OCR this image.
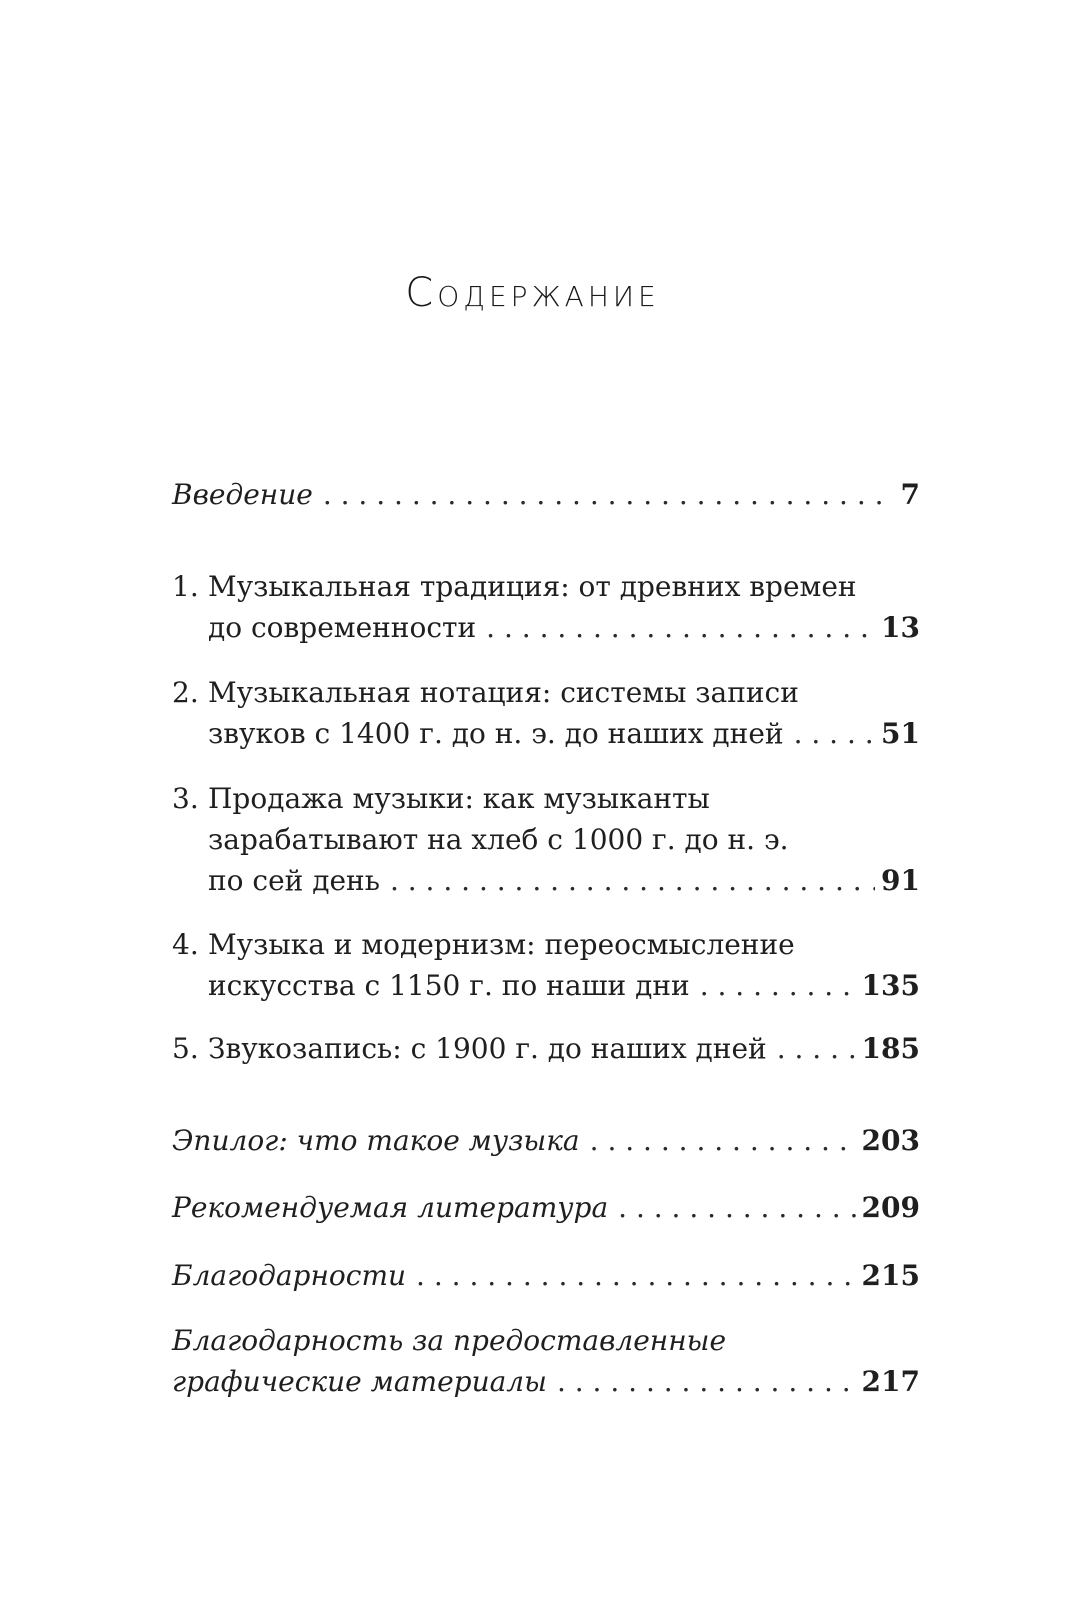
Содержание
Введение . . .	7
1. Музыкальная традиция: от древних времен
до современности . . .	13
2. Музыкальная нотация: системы записи
звуков с 1400 г. до н. э. до наших дней . . .	51
3. Продажа музыки: как музыканты
зарабатывают на хлеб с 1000 г. до н. э.
по сей день . . .	91
4. Музыка и модернизм: переосмысление
искусства с 1150 г. по наши дни . . .	135
5. Звукозапись: с 1900 г. до наших дней . . .	185
Эпилог: что такое музыка . . .	203
Рекомендуемая литература . . .	209
Благодарности . . .	215
Благодарность за предоставленные
графические материалы . . .	217
